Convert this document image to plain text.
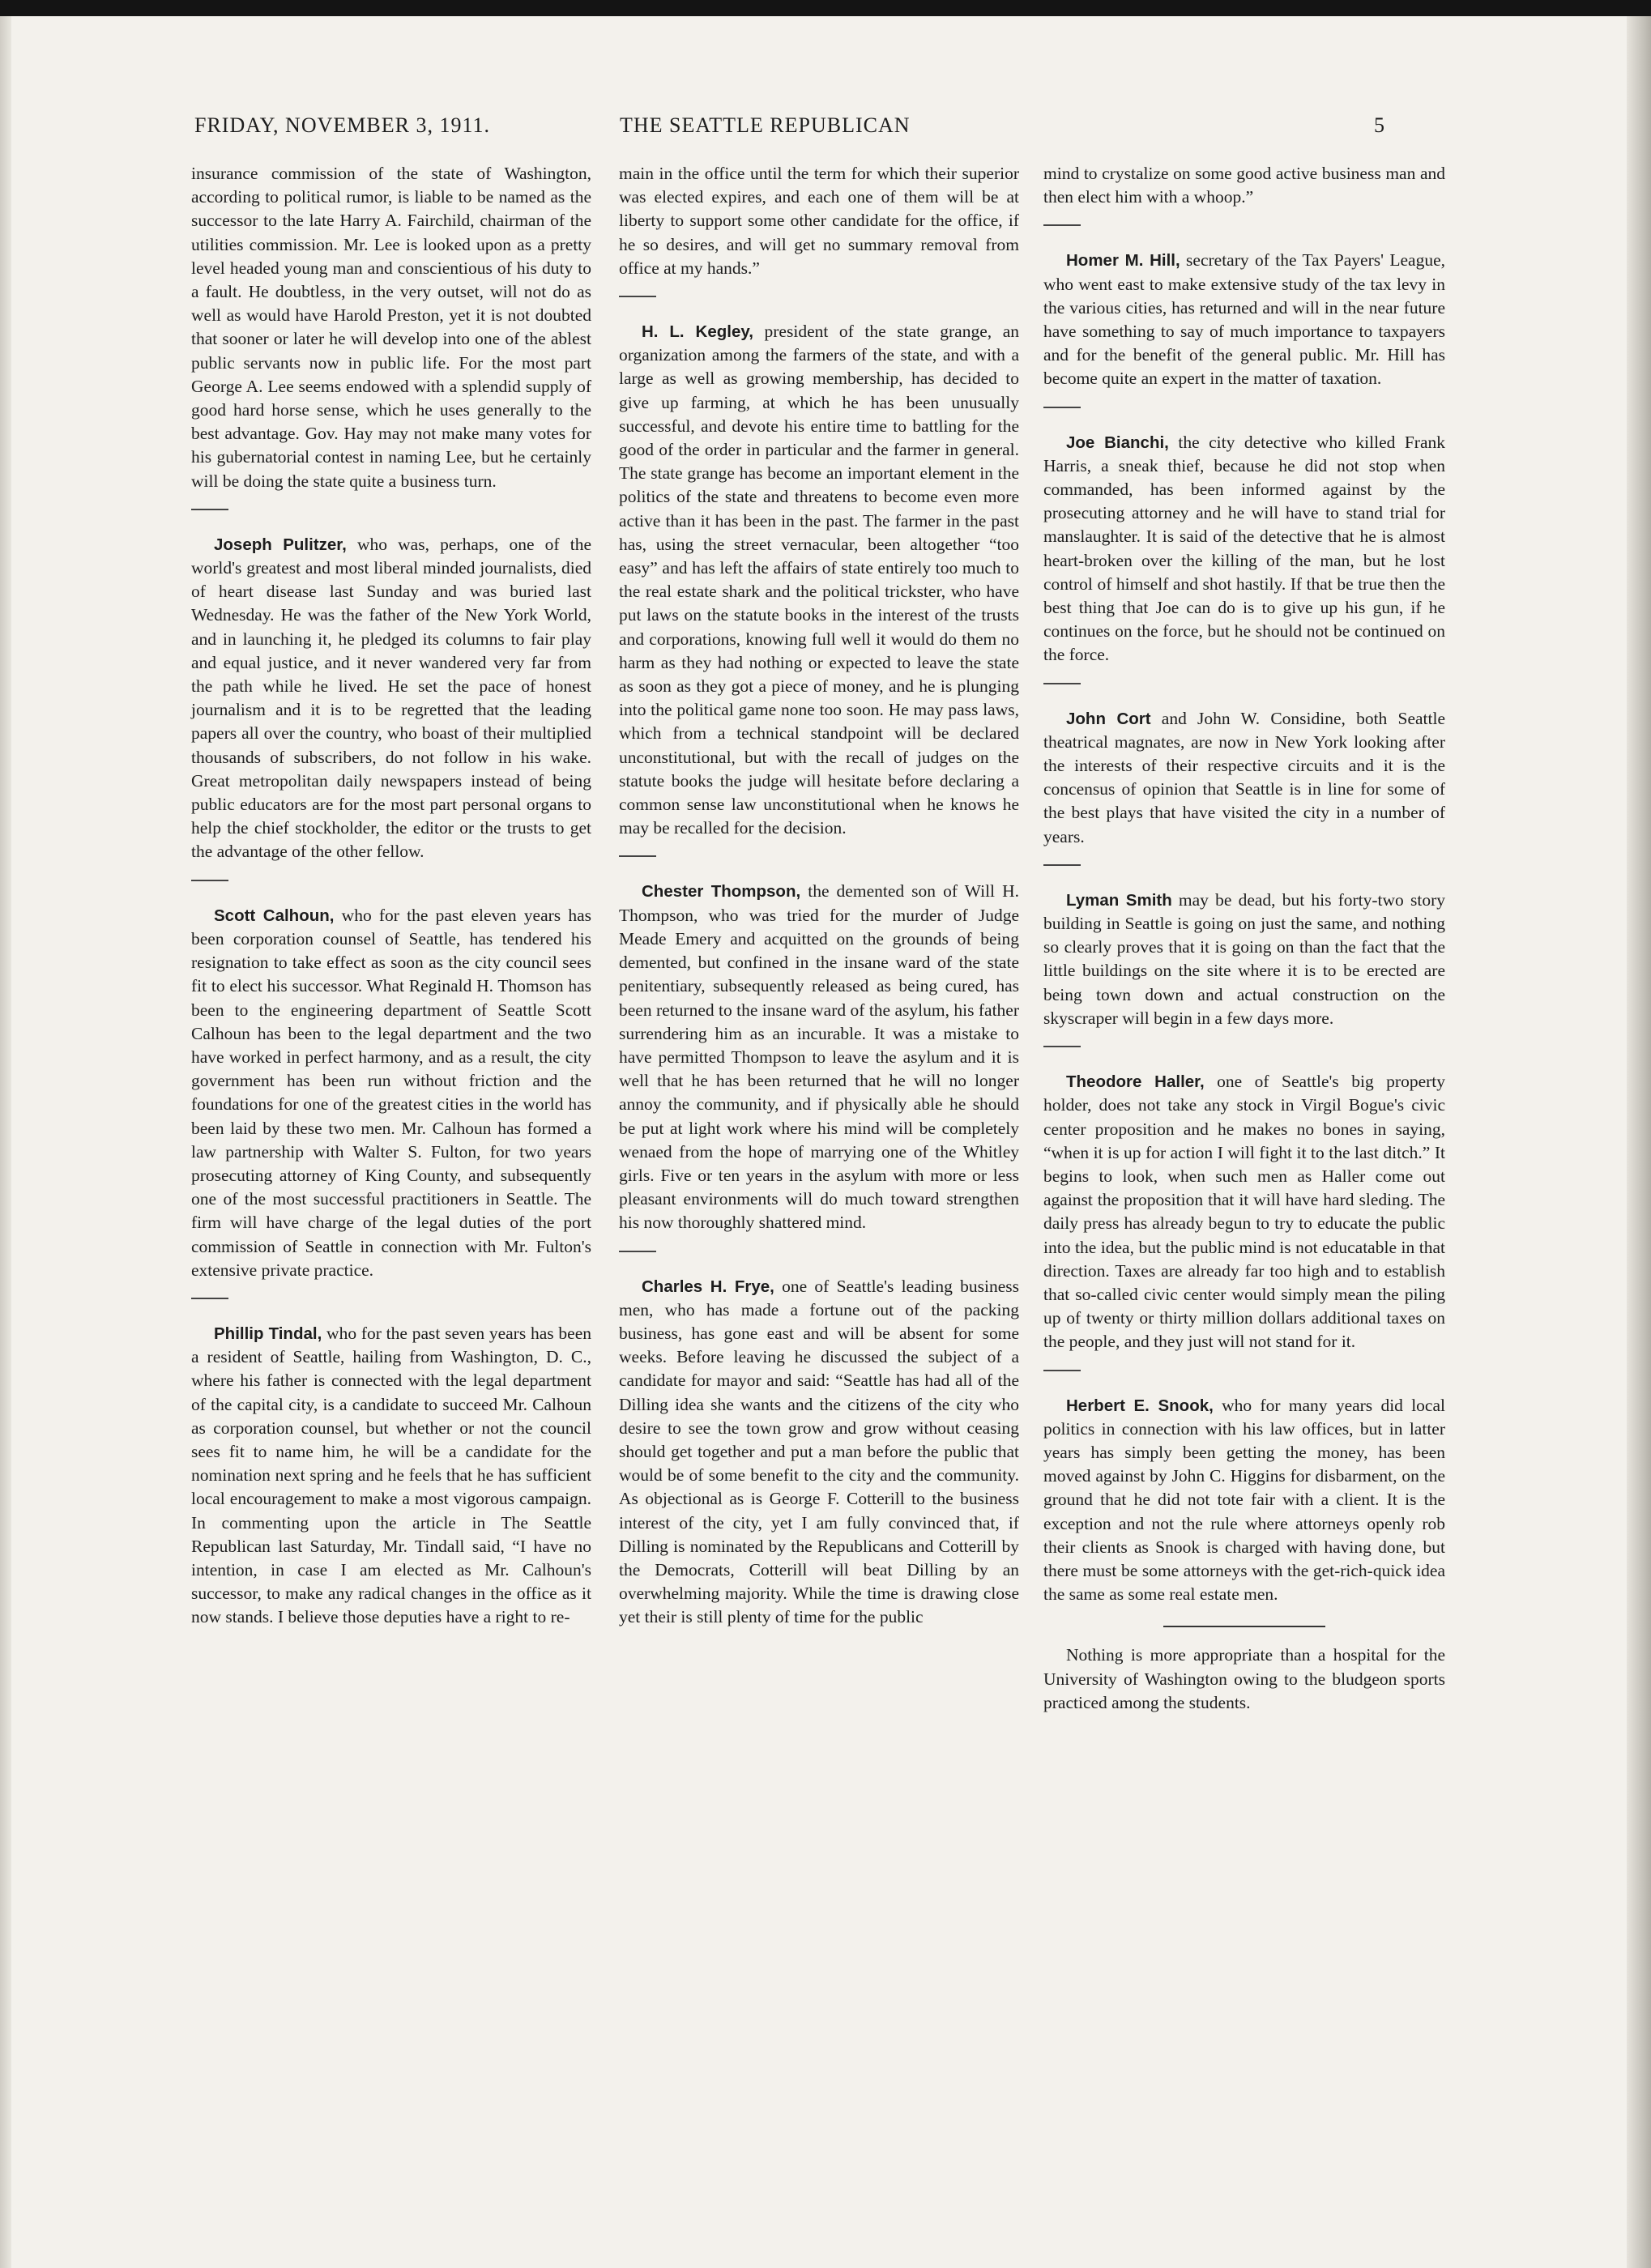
FRIDAY, NOVEMBER 3, 1911.	THE SEATTLE REPUBLICAN	5

insurance commission of the state of Washington, according to political rumor, is liable to be named as the successor to the late Harry A. Fairchild, chairman of the utilities commission. Mr. Lee is looked upon as a pretty level headed young man and conscientious of his duty to a fault. He doubtless, in the very outset, will not do as well as would have Harold Preston, yet it is not doubted that sooner or later he will develop into one of the ablest public servants now in public life. For the most part George A. Lee seems endowed with a splendid supply of good hard horse sense, which he uses generally to the best advantage. Gov. Hay may not make many votes for his gubernatorial contest in naming Lee, but he certainly will be doing the state quite a business turn.

Joseph Pulitzer, who was, perhaps, one of the world's greatest and most liberal minded journalists, died of heart disease last Sunday and was buried last Wednesday. He was the father of the New York World, and in launching it, he pledged its columns to fair play and equal justice, and it never wandered very far from the path while he lived. He set the pace of honest journalism and it is to be regretted that the leading papers all over the country, who boast of their multiplied thousands of subscribers, do not follow in his wake. Great metropolitan daily newspapers instead of being public educators are for the most part personal organs to help the chief stockholder, the editor or the trusts to get the advantage of the other fellow.

Scott Calhoun, who for the past eleven years has been corporation counsel of Seattle, has tendered his resignation to take effect as soon as the city council sees fit to elect his successor. What Reginald H. Thomson has been to the engineering department of Seattle Scott Calhoun has been to the legal department and the two have worked in perfect harmony, and as a result, the city government has been run without friction and the foundations for one of the greatest cities in the world has been laid by these two men. Mr. Calhoun has formed a law partnership with Walter S. Fulton, for two years prosecuting attorney of King County, and subsequently one of the most successful practitioners in Seattle. The firm will have charge of the legal duties of the port commission of Seattle in connection with Mr. Fulton's extensive private practice.

Phillip Tindal, who for the past seven years has been a resident of Seattle, hailing from Washington, D. C., where his father is connected with the legal department of the capital city, is a candidate to succeed Mr. Calhoun as corporation counsel, but whether or not the council sees fit to name him, he will be a candidate for the nomination next spring and he feels that he has sufficient local encouragement to make a most vigorous campaign. In commenting upon the article in The Seattle Republican last Saturday, Mr. Tindall said, “I have no intention, in case I am elected as Mr. Calhoun's successor, to make any radical changes in the office as it now stands. I believe those deputies have a right to re-

main in the office until the term for which their superior was elected expires, and each one of them will be at liberty to support some other candidate for the office, if he so desires, and will get no summary removal from office at my hands.”

H. L. Kegley, president of the state grange, an organization among the farmers of the state, and with a large as well as growing membership, has decided to give up farming, at which he has been unusually successful, and devote his entire time to battling for the good of the order in particular and the farmer in general. The state grange has become an important element in the politics of the state and threatens to become even more active than it has been in the past. The farmer in the past has, using the street vernacular, been altogether “too easy” and has left the affairs of state entirely too much to the real estate shark and the political trickster, who have put laws on the statute books in the interest of the trusts and corporations, knowing full well it would do them no harm as they had nothing or expected to leave the state as soon as they got a piece of money, and he is plunging into the political game none too soon. He may pass laws, which from a technical standpoint will be declared unconstitutional, but with the recall of judges on the statute books the judge will hesitate before declaring a common sense law unconstitutional when he knows he may be recalled for the decision.

Chester Thompson, the demented son of Will H. Thompson, who was tried for the murder of Judge Meade Emery and acquitted on the grounds of being demented, but confined in the insane ward of the state penitentiary, subsequently released as being cured, has been returned to the insane ward of the asylum, his father surrendering him as an incurable. It was a mistake to have permitted Thompson to leave the asylum and it is well that he has been returned that he will no longer annoy the community, and if physically able he should be put at light work where his mind will be completely wenaed from the hope of marrying one of the Whitley girls. Five or ten years in the asylum with more or less pleasant environments will do much toward strengthen his now thoroughly shattered mind.

Charles H. Frye, one of Seattle's leading business men, who has made a fortune out of the packing business, has gone east and will be absent for some weeks. Before leaving he discussed the subject of a candidate for mayor and said: “Seattle has had all of the Dilling idea she wants and the citizens of the city who desire to see the town grow and grow without ceasing should get together and put a man before the public that would be of some benefit to the city and the community. As objectional as is George F. Cotterill to the business interest of the city, yet I am fully convinced that, if Dilling is nominated by the Republicans and Cotterill by the Democrats, Cotterill will beat Dilling by an overwhelming majority. While the time is drawing close yet their is still plenty of time for the public

mind to crystalize on some good active business man and then elect him with a whoop.”

Homer M. Hill, secretary of the Tax Payers' League, who went east to make extensive study of the tax levy in the various cities, has returned and will in the near future have something to say of much importance to taxpayers and for the benefit of the general public. Mr. Hill has become quite an expert in the matter of taxation.

Joe Bianchi, the city detective who killed Frank Harris, a sneak thief, because he did not stop when commanded, has been informed against by the prosecuting attorney and he will have to stand trial for manslaughter. It is said of the detective that he is almost heart-broken over the killing of the man, but he lost control of himself and shot hastily. If that be true then the best thing that Joe can do is to give up his gun, if he continues on the force, but he should not be continued on the force.

John Cort and John W. Considine, both Seattle theatrical magnates, are now in New York looking after the interests of their respective circuits and it is the concensus of opinion that Seattle is in line for some of the best plays that have visited the city in a number of years.

Lyman Smith may be dead, but his forty-two story building in Seattle is going on just the same, and nothing so clearly proves that it is going on than the fact that the little buildings on the site where it is to be erected are being town down and actual construction on the skyscraper will begin in a few days more.

Theodore Haller, one of Seattle's big property holder, does not take any stock in Virgil Bogue's civic center proposition and he makes no bones in saying, “when it is up for action I will fight it to the last ditch.” It begins to look, when such men as Haller come out against the proposition that it will have hard sleding. The daily press has already begun to try to educate the public into the idea, but the public mind is not educatable in that direction. Taxes are already far too high and to establish that so-called civic center would simply mean the piling up of twenty or thirty million dollars additional taxes on the people, and they just will not stand for it.

Herbert E. Snook, who for many years did local politics in connection with his law offices, but in latter years has simply been getting the money, has been moved against by John C. Higgins for disbarment, on the ground that he did not tote fair with a client. It is the exception and not the rule where attorneys openly rob their clients as Snook is charged with having done, but there must be some attorneys with the get-rich-quick idea the same as some real estate men.

Nothing is more appropriate than a hospital for the University of Washington owing to the bludgeon sports practiced among the students.
